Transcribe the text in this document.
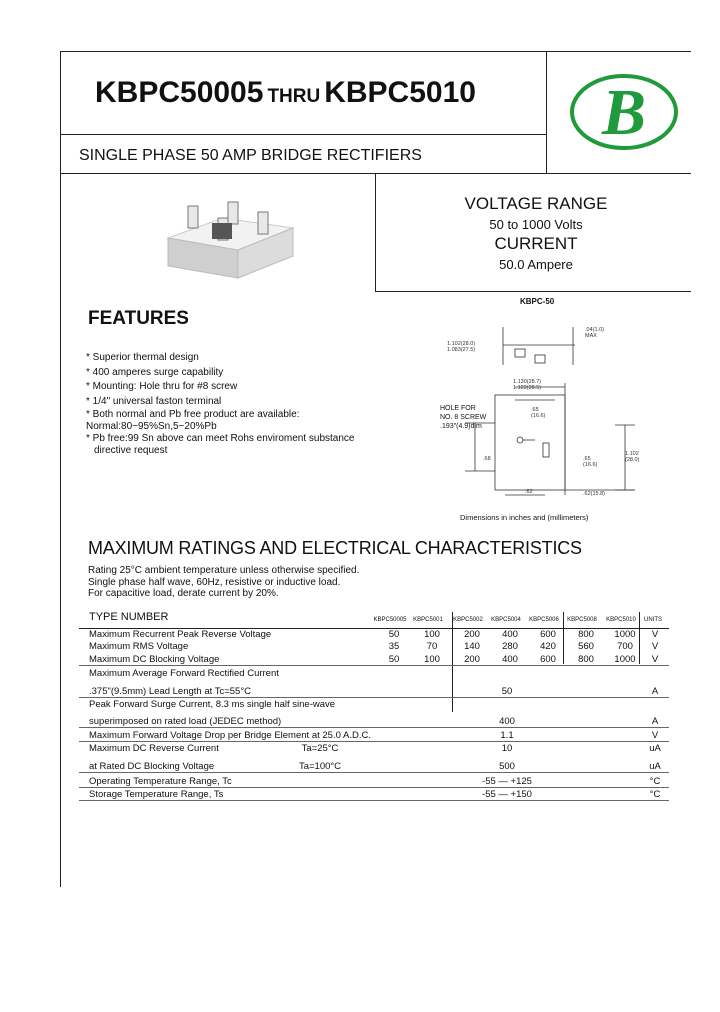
KBPC50005 THRU KBPC5010
SINGLE PHASE 50 AMP BRIDGE RECTIFIERS
B
VOLTAGE RANGE
50 to 1000 Volts
CURRENT
50.0 Ampere
FEATURES
* Superior thermal design
* 400 amperes surge capability
* Mounting: Hole thru for #8 screw
* 1/4" universal faston terminal
* Both normal and Pb free product are available:
Normal:80~95%Sn,5~20%Pb
* Pb free:99 Sn above can meet Rohs enviroment substance
directive request
KBPC-50
1.102(28.0)
1.083(27.5)
.04(1.0)
MAX
1.130(28.7)
1.122(28.5)
.65
(16.6)
.68	.65
(16.6)
1.102
(28.0)
.62	.62(15.8)
HOLE FOR
NO. 8 SCREW
.193"(4.9)dim
Dimensions in inches and (millimeters)
MAXIMUM RATINGS AND ELECTRICAL CHARACTERISTICS
Rating 25°C ambient temperature unless otherwise specified.
Single phase half wave, 60Hz, resistive or inductive load.
For capacitive load, derate current by 20%.
TYPE NUMBER	KBPC50005	KBPC5001	KBPC5002	KBPC5004	KBPC5006	KBPC5008	KBPC5010	UNITS
Maximum Recurrent Peak Reverse Voltage	50	100	200	400	600	800	1000	V
Maximum RMS Voltage	35	70	140	280	420	560	700	V
Maximum DC Blocking Voltage	50	100	200	400	600	800	1000	V
Maximum Average Forward Rectified Current
.375"(9.5mm) Lead Length at Tc=55°C	50	A
Peak Forward Surge Current, 8.3 ms single half sine-wave
superimposed on rated load (JEDEC method)	400	A
Maximum Forward Voltage Drop per Bridge Element at 25.0 A.D.C.	1.1	V
Maximum DC Reverse Current	Ta=25°C	10	uA
at Rated DC Blocking Voltage	Ta=100°C	500	uA
Operating Temperature Range, Tc	-55 — +125	°C
Storage Temperature Range, Ts	-55 — +150	°C
